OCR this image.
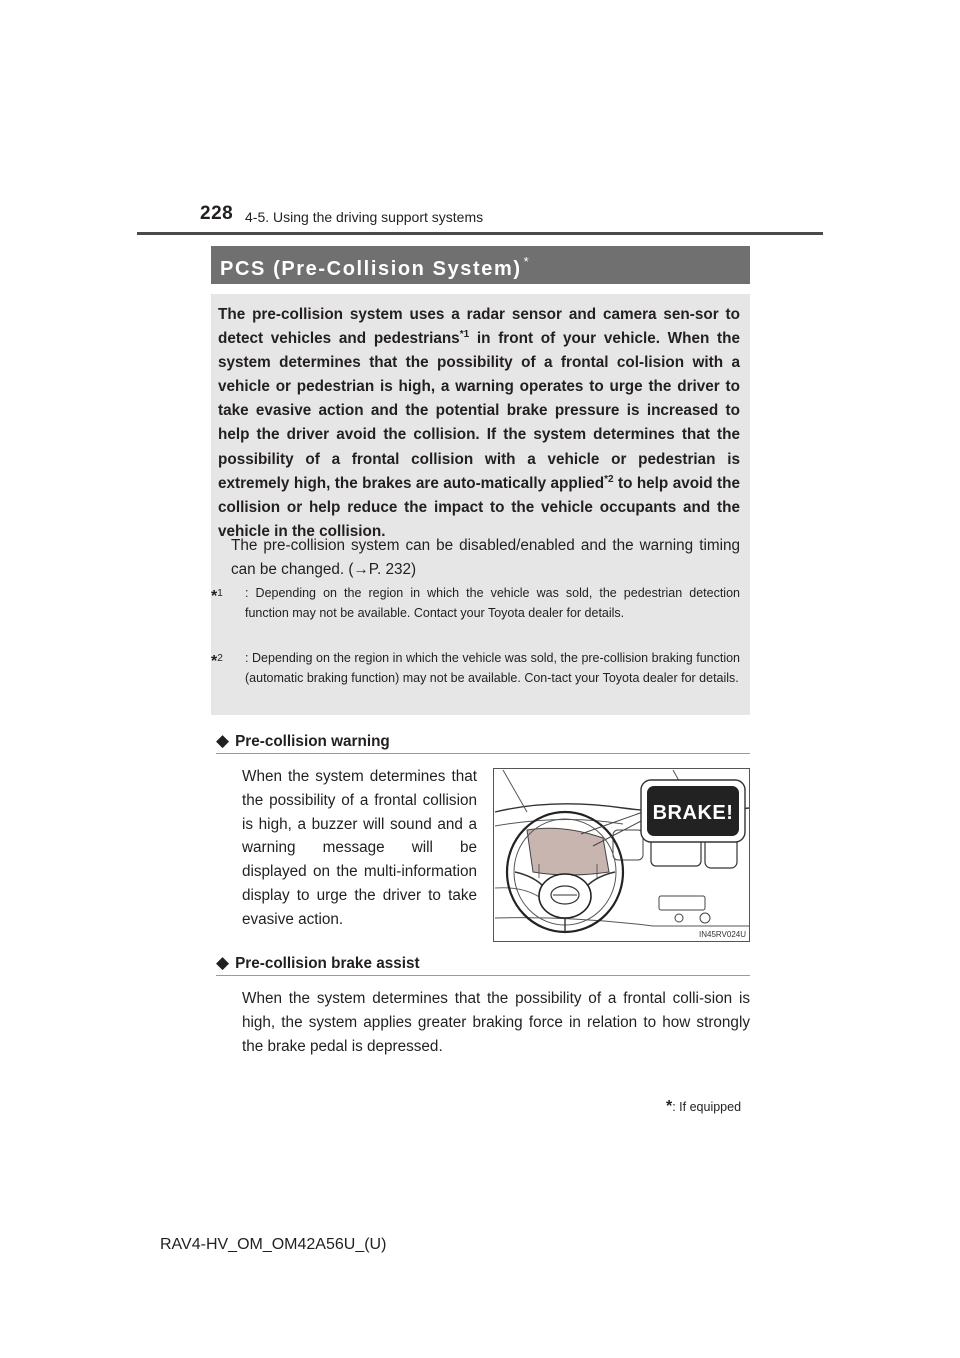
228 4-5. Using the driving support systems
PCS (Pre-Collision System) *
The pre-collision system uses a radar sensor and camera sen-sor to detect vehicles and pedestrians$^{*1}$ in front of your vehicle. When the system determines that the possibility of a frontal col-lision with a vehicle or pedestrian is high, a warning operates to urge the driver to take evasive action and the potential brake pressure is increased to help the driver avoid the collision. If the system determines that the possibility of a frontal collision with a vehicle or pedestrian is extremely high, the brakes are auto-matically applied$^{*2}$ to help avoid the collision or help reduce the impact to the vehicle occupants and the vehicle in the collision.
The pre-collision system can be disabled/enabled and the warning timing can be changed. (→P. 232)
*$^1$	: Depending on the region in which the vehicle was sold, the pedestrian detection function may not be available. Contact your Toyota dealer for details.
*$^2$	: Depending on the region in which the vehicle was sold, the pre-collision braking function (automatic braking function) may not be available. Con-tact your Toyota dealer for details.
◆ Pre-collision warning
When the system determines that the possibility of a frontal collision is high, a buzzer will sound and a warning message will be displayed on the multi-information display to urge the driver to take evasive action.
BRAKE!
IN45RV024U
◆ Pre-collision brake assist
When the system determines that the possibility of a frontal colli-sion is high, the system applies greater braking force in relation to how strongly the brake pedal is depressed.
*: If equipped
RAV4-HV_OM_OM42A56U_(U)
